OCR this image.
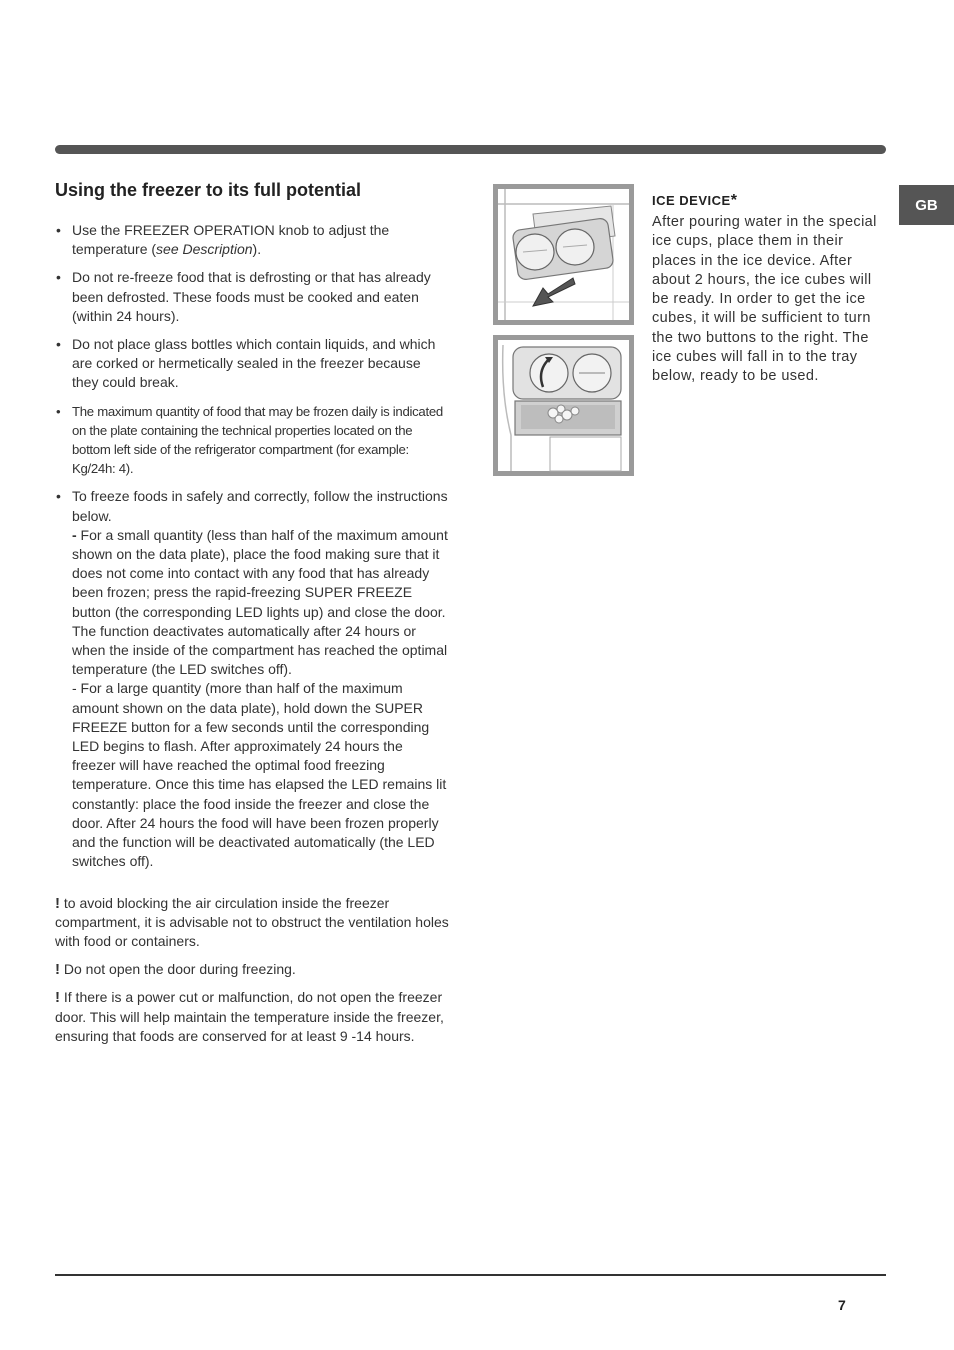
GB
Using the freezer to its full potential
• Use the FREEZER OPERATION knob to adjust the temperature (see Description).
• Do not re-freeze food that is defrosting or that has already been defrosted. These foods must be cooked and eaten (within 24 hours).
• Do not place glass bottles which contain liquids, and which are corked or hermetically sealed in the freezer because they could break.
• The maximum quantity of food that may be frozen daily is indicated on the plate containing the technical properties located on the bottom left side of the refrigerator compartment (for example: Kg/24h: 4).
• To freeze foods in safely and correctly, follow the instructions below.
- For a small quantity (less than half of the maximum amount shown on the data plate), place the food making sure that it does not come into contact with any food that has already been frozen; press the rapid-freezing SUPER FREEZE button (the corresponding LED lights up) and close the door. The function deactivates automatically after 24 hours or when the inside of the compartment has reached the optimal temperature (the LED switches off).
- For a large quantity (more than half of the maximum amount shown on the data plate), hold down the SUPER FREEZE button for a few seconds until the corresponding LED begins to flash. After approximately 24 hours the freezer will have reached the optimal food freezing temperature. Once this time has elapsed the LED remains lit constantly: place the food inside the freezer and close the door. After 24 hours the food will have been frozen properly and the function will be deactivated automatically (the LED switches off).

! to avoid blocking the air circulation inside the freezer compartment, it is advisable not to obstruct the ventilation holes with food or containers.

! Do not open the door during freezing.

! If there is a power cut or malfunction, do not open the freezer door. This will help maintain the temperature inside the freezer, ensuring that foods are conserved for at least 9 -14 hours.

ICE DEVICE*

After pouring water in the special ice cups, place them in their places in the ice device. After about 2 hours, the ice cubes will be ready. In order to get the ice cubes, it will be sufficient to turn the two buttons to the right. The ice cubes will fall in to the tray below, ready to be used.

7
